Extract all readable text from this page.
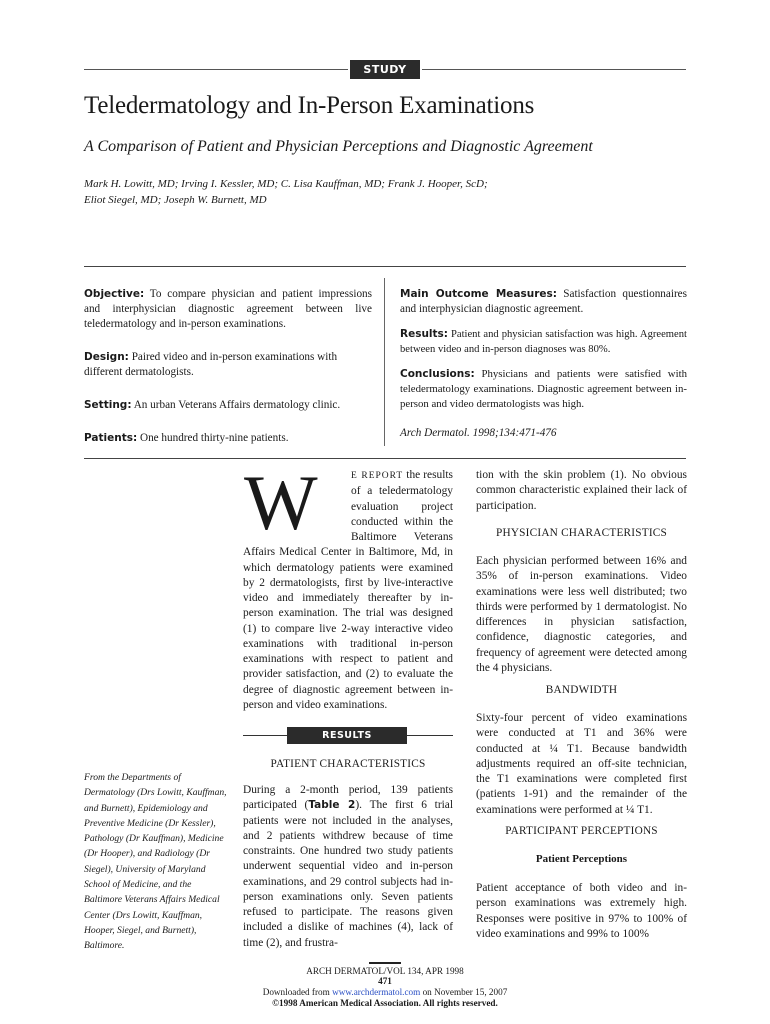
STUDY
Teledermatology and In-Person Examinations
A Comparison of Patient and Physician Perceptions and Diagnostic Agreement
Mark H. Lowitt, MD; Irving I. Kessler, MD; C. Lisa Kauffman, MD; Frank J. Hooper, ScD;
Eliot Siegel, MD; Joseph W. Burnett, MD

Objective: To compare physician and patient impressions and interphysician diagnostic agreement between live teledermatology and in-person examinations.

Design: Paired video and in-person examinations with different dermatologists.

Setting: An urban Veterans Affairs dermatology clinic.

Patients: One hundred thirty-nine patients.

Main Outcome Measures: Satisfaction questionnaires and interphysician diagnostic agreement.

Results: Patient and physician satisfaction was high. Agreement between video and in-person diagnoses was 80%.

Conclusions: Physicians and patients were satisfied with teledermatology examinations. Diagnostic agreement between in-person and video dermatologists was high.

Arch Dermatol. 1998;134:471-476

W	E REPORT the results of a teledermatology evaluation project conducted within the Baltimore Veterans Affairs Medical Center in Baltimore, Md, in which dermatology patients were examined by 2 dermatologists, first by live-interactive video and immediately thereafter by in-person examination. The trial was designed (1) to compare live 2-way interactive video examinations with traditional in-person examinations with respect to patient and provider satisfaction, and (2) to evaluate the degree of diagnostic agreement between in-person and video examinations.
RESULTS
PATIENT CHARACTERISTICS
During a 2-month period, 139 patients participated (Table 2). The first 6 trial patients were not included in the analyses, and 2 patients withdrew because of time constraints. One hundred two study patients underwent sequential video and in-person examinations, and 29 control subjects had in-person examinations only. Seven patients refused to participate. The reasons given included a dislike of machines (4), lack of time (2), and frustra-
From the Departments of Dermatology (Drs Lowitt, Kauffman, and Burnett), Epidemiology and Preventive Medicine (Dr Kessler), Pathology (Dr Kauffman), Medicine (Dr Hooper), and Radiology (Dr Siegel), University of Maryland School of Medicine, and the Baltimore Veterans Affairs Medical Center (Drs Lowitt, Kauffman, Hooper, Siegel, and Burnett), Baltimore.
tion with the skin problem (1). No obvious common characteristic explained their lack of participation.
PHYSICIAN CHARACTERISTICS
Each physician performed between 16% and 35% of in-person examinations. Video examinations were less well distributed; two thirds were performed by 1 dermatologist. No differences in physician satisfaction, confidence, diagnostic categories, and frequency of agreement were detected among the 4 physicians.
BANDWIDTH
Sixty-four percent of video examinations were conducted at T1 and 36% were conducted at ¼ T1. Because bandwidth adjustments required an off-site technician, the T1 examinations were completed first (patients 1-91) and the remainder of the examinations were performed at ¼ T1.
PARTICIPANT PERCEPTIONS
Patient Perceptions
Patient acceptance of both video and in-person examinations was extremely high. Responses were positive in 97% to 100% of video examinations and 99% to 100%
ARCH DERMATOL/VOL 134, APR 1998
471
Downloaded from www.archdermatol.com on November 15, 2007
©1998 American Medical Association. All rights reserved.
